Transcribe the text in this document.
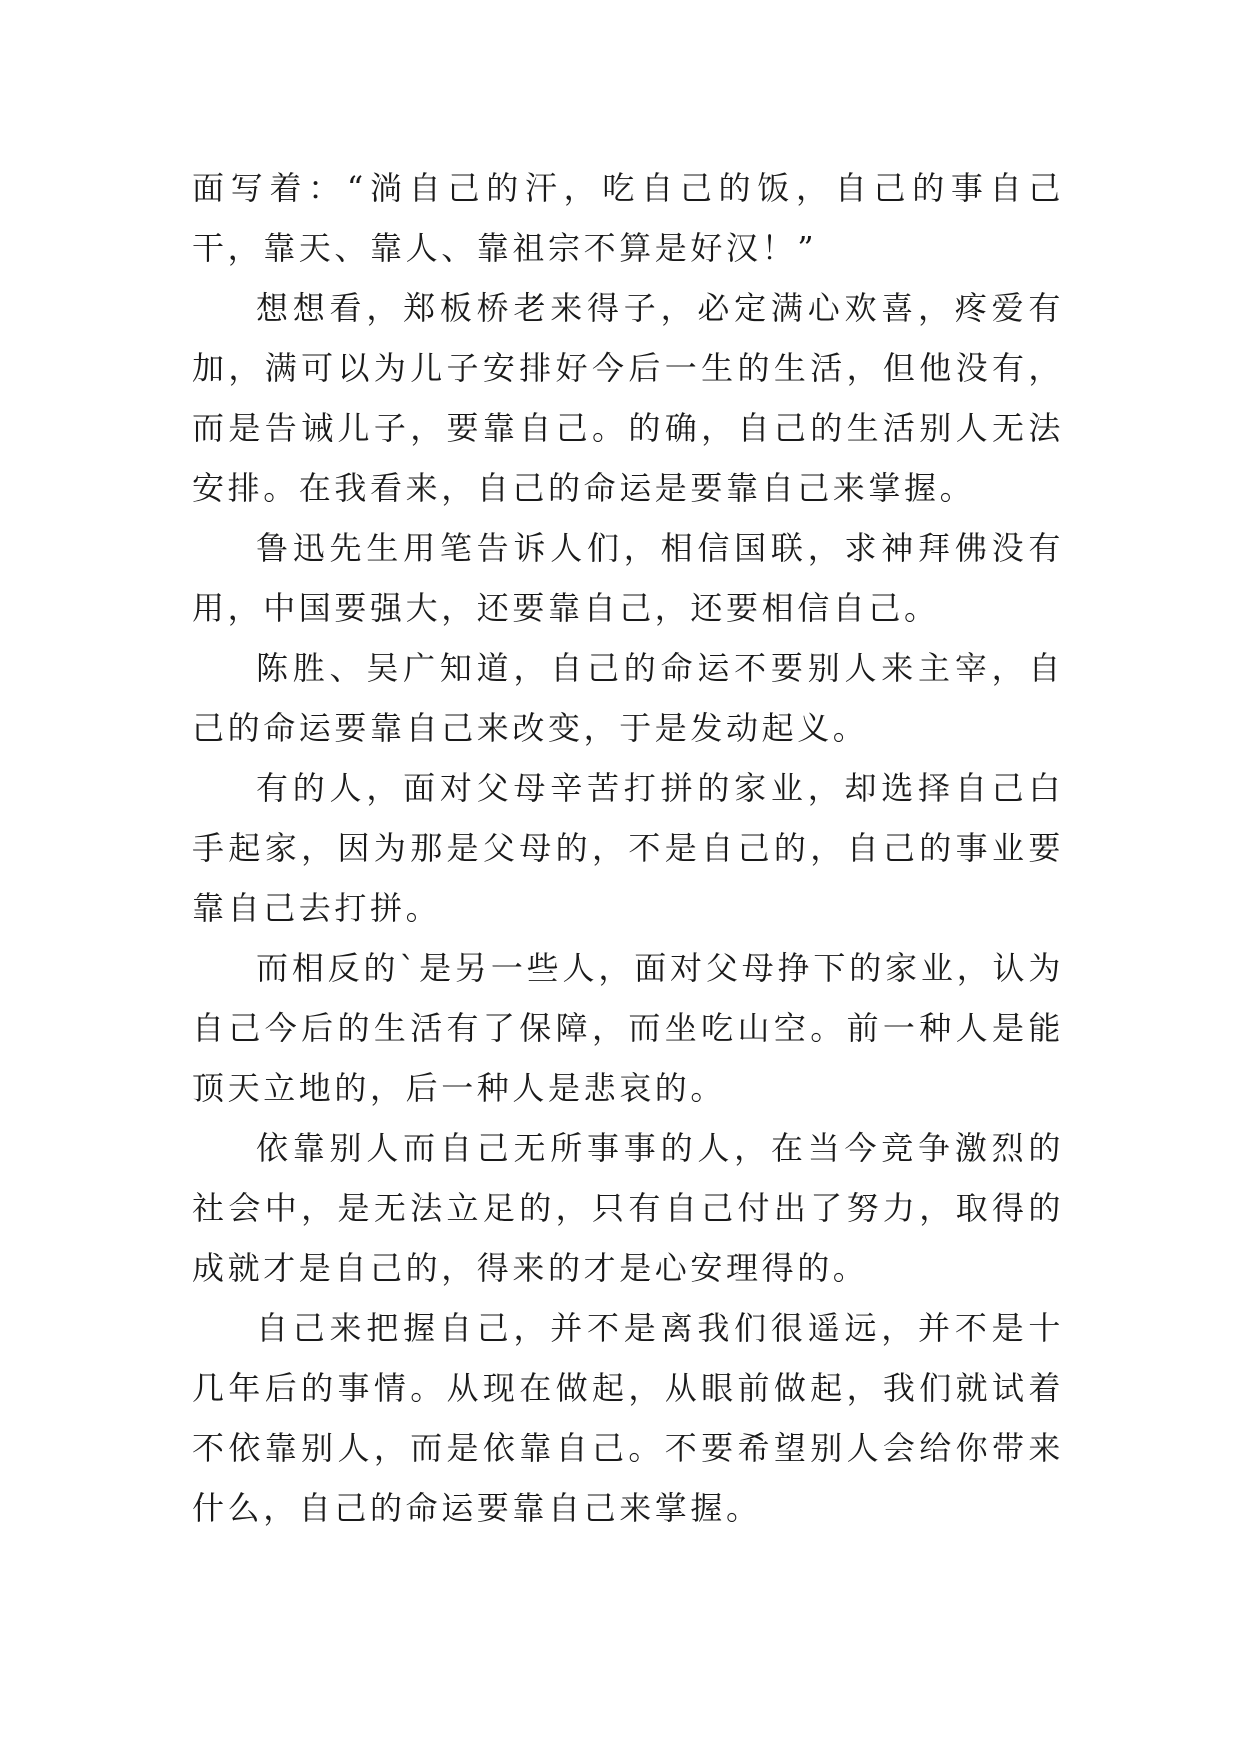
面写着：“淌自己的汗，吃自己的饭，自己的事自己干，靠天、靠人、靠祖宗不算是好汉！”

想想看，郑板桥老来得子，必定满心欢喜，疼爱有加，满可以为儿子安排好今后一生的生活，但他没有，而是告诫儿子，要靠自己。的确，自己的生活别人无法安排。在我看来，自己的命运是要靠自己来掌握。

鲁迅先生用笔告诉人们，相信国联，求神拜佛没有用，中国要强大，还要靠自己，还要相信自己。

陈胜、吴广知道，自己的命运不要别人来主宰，自己的命运要靠自己来改变，于是发动起义。

有的人，面对父母辛苦打拼的家业，却选择自己白手起家，因为那是父母的，不是自己的，自己的事业要靠自己去打拼。

而相反的`是另一些人，面对父母挣下的家业，认为自己今后的生活有了保障，而坐吃山空。前一种人是能顶天立地的，后一种人是悲哀的。

依靠别人而自己无所事事的人，在当今竞争激烈的社会中，是无法立足的，只有自己付出了努力，取得的成就才是自己的，得来的才是心安理得的。

自己来把握自己，并不是离我们很遥远，并不是十几年后的事情。从现在做起，从眼前做起，我们就试着不依靠别人，而是依靠自己。不要希望别人会给你带来什么，自己的命运要靠自己来掌握。
